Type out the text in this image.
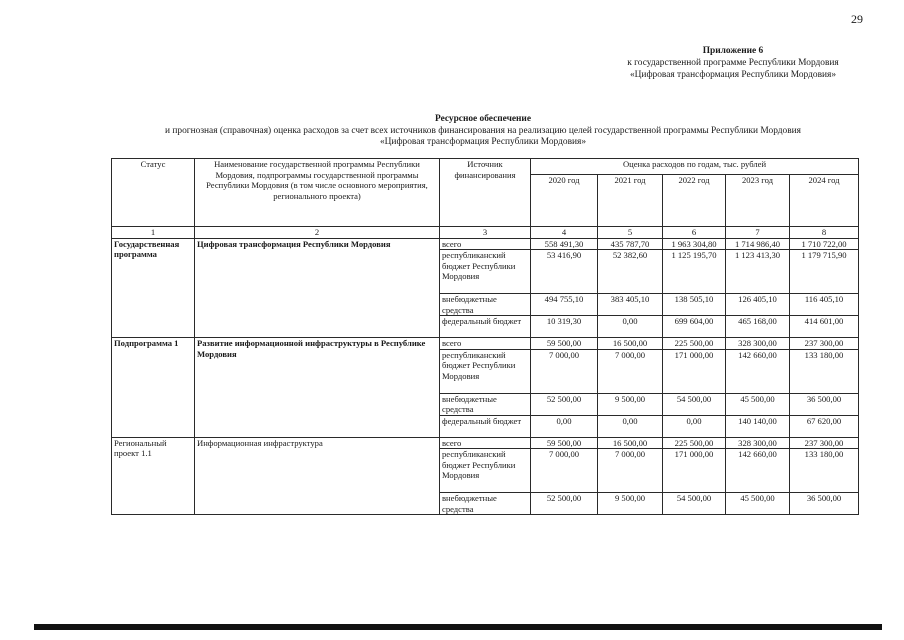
29
Приложение 6
к государственной программе Республики Мордовия
«Цифровая трансформация Республики Мордовия»
Ресурсное обеспечение
и прогнозная (справочная) оценка расходов за счет всех источников финансирования на реализацию целей государственной программы Республики Мордовия
«Цифровая трансформация Республики Мордовия»
Статус	Наименование государственной программы Республики Мордовия, подпрограммы государственной программы Республики Мордовия (в том числе основного мероприятия, регионального проекта)	Источник финансирования	Оценка расходов по годам, тыс. рублей				
			2020 год	2021 год	2022 год	2023 год	2024 год
1	2	3	4	5	6	7	8
Государственная программа	Цифровая трансформация Республики Мордовия	всего	558 491,30	435 787,70	1 963 304,80	1 714 986,40	1 710 722,00
		республиканский бюджет Республики Мордовия	53 416,90	52 382,60	1 125 195,70	1 123 413,30	1 179 715,90
		внебюджетные средства	494 755,10	383 405,10	138 505,10	126 405,10	116 405,10
		федеральный бюджет	10 319,30	0,00	699 604,00	465 168,00	414 601,00
Подпрограмма 1	Развитие информационной инфраструктуры в Республике Мордовия	всего	59 500,00	16 500,00	225 500,00	328 300,00	237 300,00
		республиканский бюджет Республики Мордовия	7 000,00	7 000,00	171 000,00	142 660,00	133 180,00
		внебюджетные средства	52 500,00	9 500,00	54 500,00	45 500,00	36 500,00
		федеральный бюджет	0,00	0,00	0,00	140 140,00	67 620,00
Региональный проект 1.1	Информационная инфраструктура	всего	59 500,00	16 500,00	225 500,00	328 300,00	237 300,00
		республиканский бюджет Республики Мордовия	7 000,00	7 000,00	171 000,00	142 660,00	133 180,00
		внебюджетные средства	52 500,00	9 500,00	54 500,00	45 500,00	36 500,00
